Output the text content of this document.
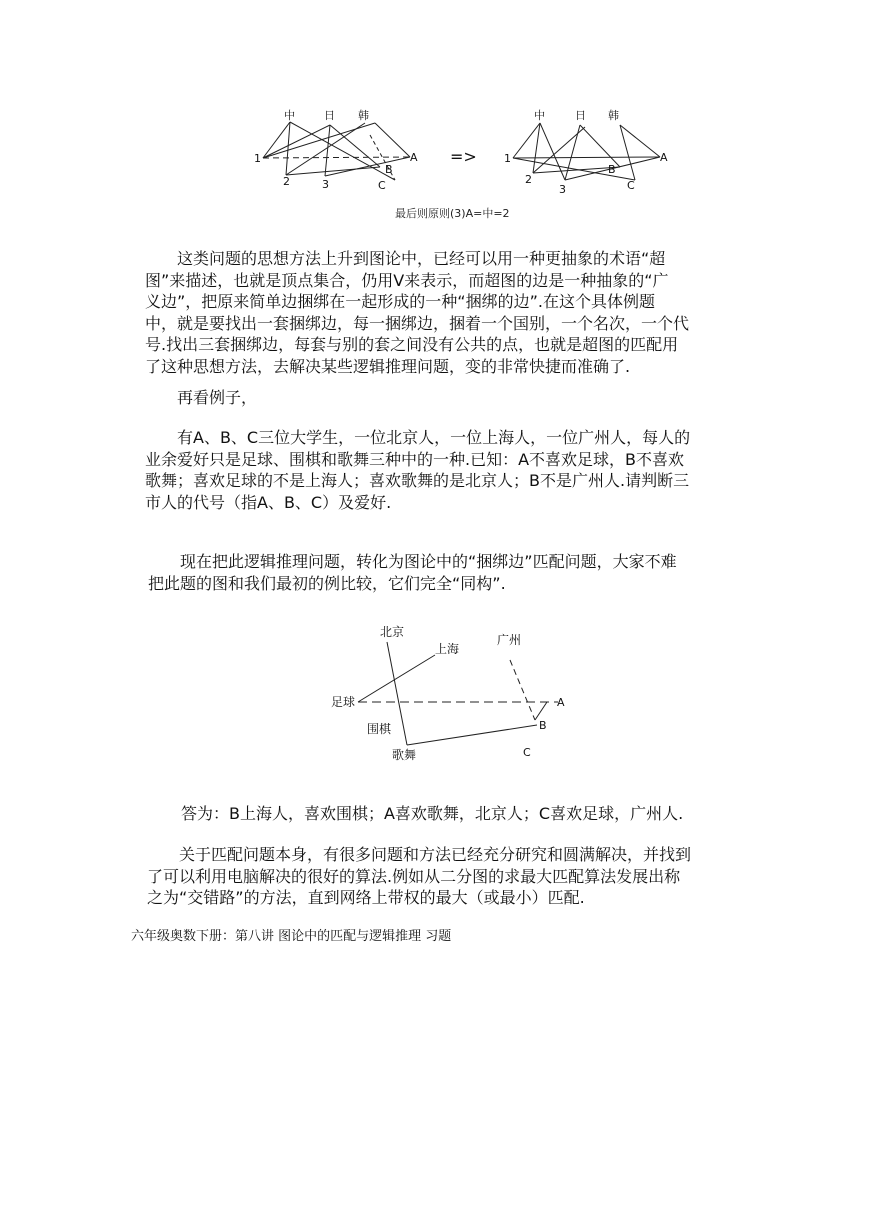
中	日 韩
1
2	3
A
B
C
=>
中	日 韩
1
2
3
A
B
C
最后则原则(3)A=中=2
这类问题的思想方法上升到图论中，已经可以用一种更抽象的术语“超
图”来描述，也就是顶点集合，仍用V来表示，而超图的边是一种抽象的“广
义边”，把原来简单边捆绑在一起形成的一种“捆绑的边”.在这个具体例题
中，就是要找出一套捆绑边，每一捆绑边，捆着一个国别，一个名次，一个代
号.找出三套捆绑边，每套与别的套之间没有公共的点，也就是超图的匹配用
了这种思想方法，去解决某些逻辑推理问题，变的非常快捷而准确了.
再看例子，
有A、B、C三位大学生，一位北京人，一位上海人，一位广州人，每人的
业余爱好只是足球、围棋和歌舞三种中的一种.已知：A不喜欢足球，B不喜欢
歌舞；喜欢足球的不是上海人；喜欢歌舞的是北京人；B不是广州人.请判断三
市人的代号（指A、B、C）及爱好.
现在把此逻辑推理问题，转化为图论中的“捆绑边”匹配问题，大家不难
把此题的图和我们最初的例比较，它们完全“同构”.
北京
上海
广州
足球
围棋
歌舞
A
B
C
答为：B上海人，喜欢围棋；A喜欢歌舞，北京人；C喜欢足球，广州人.
关于匹配问题本身，有很多问题和方法已经充分研究和圆满解决，并找到
了可以利用电脑解决的很好的算法.例如从二分图的求最大匹配算法发展出称
之为“交错路”的方法，直到网络上带权的最大（或最小）匹配.
六年级奥数下册：第八讲 图论中的匹配与逻辑推理 习题
